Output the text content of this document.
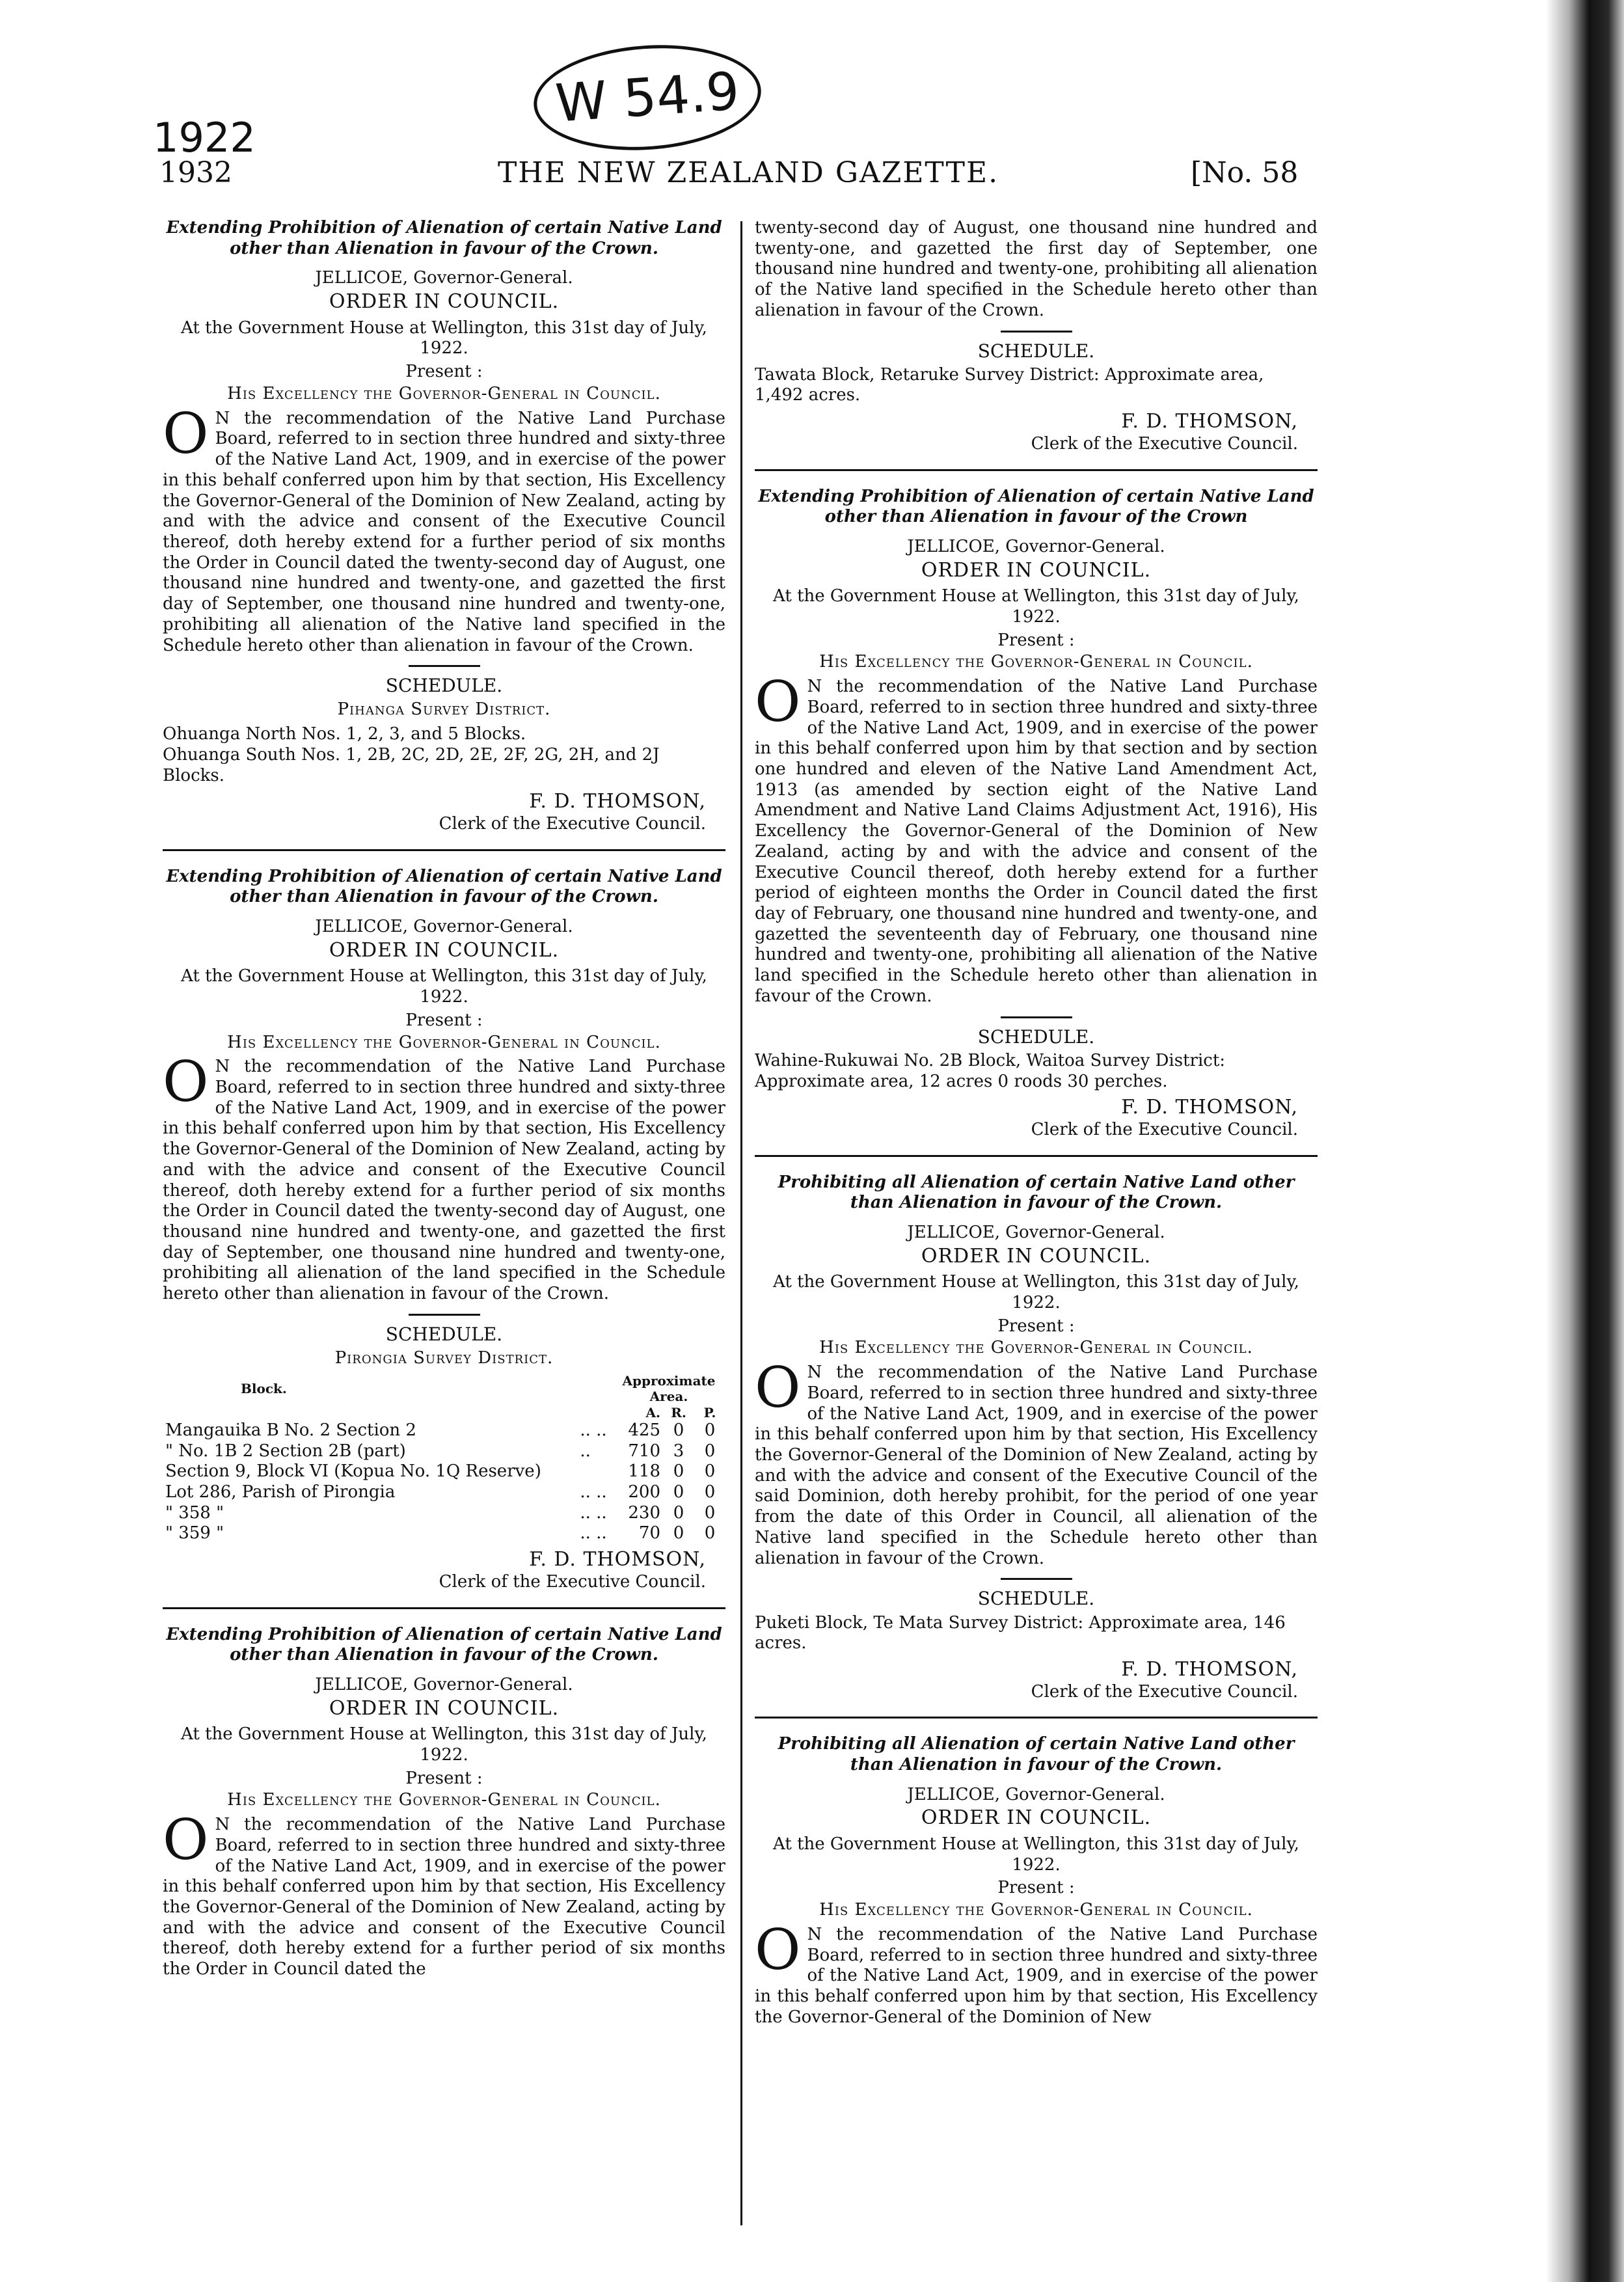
W 54.9
1922
1932	THE NEW ZEALAND GAZETTE.	[No. 58

Extending Prohibition of Alienation of certain Native Land other than Alienation in favour of the Crown.

JELLICOE, Governor-General.

ORDER IN COUNCIL.

At the Government House at Wellington, this 31st day of July, 1922.

Present :

His Excellency the Governor-General in Council.

O N the recommendation of the Native Land Purchase Board, referred to in section three hundred and sixty-three of the Native Land Act, 1909, and in exercise of the power in this behalf conferred upon him by that section, His Excellency the Governor-General of the Dominion of New Zealand, acting by and with the advice and consent of the Executive Council thereof, doth hereby extend for a further period of six months the Order in Council dated the twenty-second day of August, one thousand nine hundred and twenty-one, and gazetted the first day of September, one thousand nine hundred and twenty-one, prohibiting all alienation of the Native land specified in the Schedule hereto other than alienation in favour of the Crown.

SCHEDULE.

Pihanga Survey District.

Ohuanga North Nos. 1, 2, 3, and 5 Blocks.

Ohuanga South Nos. 1, 2B, 2C, 2D, 2E, 2F, 2G, 2H, and 2J Blocks.

F. D. THOMSON,
Clerk of the Executive Council.

Extending Prohibition of Alienation of certain Native Land other than Alienation in favour of the Crown.

JELLICOE, Governor-General.

ORDER IN COUNCIL.

At the Government House at Wellington, this 31st day of July, 1922.

Present :

His Excellency the Governor-General in Council.

O N the recommendation of the Native Land Purchase Board, referred to in section three hundred and sixty-three of the Native Land Act, 1909, and in exercise of the power in this behalf conferred upon him by that section, His Excellency the Governor-General of the Dominion of New Zealand, acting by and with the advice and consent of the Executive Council thereof, doth hereby extend for a further period of six months the Order in Council dated the twenty-second day of August, one thousand nine hundred and twenty-one, and gazetted the first day of September, one thousand nine hundred and twenty-one, prohibiting all alienation of the land specified in the Schedule hereto other than alienation in favour of the Crown.

SCHEDULE.

Pirongia Survey District.

Block.		Approximate Area.		
		A.	R.	P.
Mangauika B No. 2 Section 2	.. ..	425	0	0
" No. 1B 2 Section 2B (part)	..	710	3	0
Section 9, Block VI (Kopua No. 1Q Reserve)		118	0	0
Lot 286, Parish of Pirongia	.. ..	200	0	0
" 358 "	.. ..	230	0	0
" 359 "	.. ..	70	0	0
F. D. THOMSON,
Clerk of the Executive Council.

Extending Prohibition of Alienation of certain Native Land other than Alienation in favour of the Crown.

JELLICOE, Governor-General.

ORDER IN COUNCIL.

At the Government House at Wellington, this 31st day of July, 1922.

Present :

His Excellency the Governor-General in Council.

O N the recommendation of the Native Land Purchase Board, referred to in section three hundred and sixty-three of the Native Land Act, 1909, and in exercise of the power in this behalf conferred upon him by that section, His Excellency the Governor-General of the Dominion of New Zealand, acting by and with the advice and consent of the Executive Council thereof, doth hereby extend for a further period of six months the Order in Council dated the

twenty-second day of August, one thousand nine hundred and twenty-one, and gazetted the first day of September, one thousand nine hundred and twenty-one, prohibiting all alienation of the Native land specified in the Schedule hereto other than alienation in favour of the Crown.

SCHEDULE.

Tawata Block, Retaruke Survey District: Approximate area, 1,492 acres.

F. D. THOMSON,
Clerk of the Executive Council.

Extending Prohibition of Alienation of certain Native Land other than Alienation in favour of the Crown

JELLICOE, Governor-General.

ORDER IN COUNCIL.

At the Government House at Wellington, this 31st day of July, 1922.

Present :

His Excellency the Governor-General in Council.

O N the recommendation of the Native Land Purchase Board, referred to in section three hundred and sixty-three of the Native Land Act, 1909, and in exercise of the power in this behalf conferred upon him by that section and by section one hundred and eleven of the Native Land Amendment Act, 1913 (as amended by section eight of the Native Land Amendment and Native Land Claims Adjustment Act, 1916), His Excellency the Governor-General of the Dominion of New Zealand, acting by and with the advice and consent of the Executive Council thereof, doth hereby extend for a further period of eighteen months the Order in Council dated the first day of February, one thousand nine hundred and twenty-one, and gazetted the seventeenth day of February, one thousand nine hundred and twenty-one, prohibiting all alienation of the Native land specified in the Schedule hereto other than alienation in favour of the Crown.

SCHEDULE.

Wahine-Rukuwai No. 2B Block, Waitoa Survey District: Approximate area, 12 acres 0 roods 30 perches.

F. D. THOMSON,
Clerk of the Executive Council.

Prohibiting all Alienation of certain Native Land other than Alienation in favour of the Crown.

JELLICOE, Governor-General.

ORDER IN COUNCIL.

At the Government House at Wellington, this 31st day of July, 1922.

Present :

His Excellency the Governor-General in Council.

O N the recommendation of the Native Land Purchase Board, referred to in section three hundred and sixty-three of the Native Land Act, 1909, and in exercise of the power in this behalf conferred upon him by that section, His Excellency the Governor-General of the Dominion of New Zealand, acting by and with the advice and consent of the Executive Council of the said Dominion, doth hereby prohibit, for the period of one year from the date of this Order in Council, all alienation of the Native land specified in the Schedule hereto other than alienation in favour of the Crown.

SCHEDULE.

Puketi Block, Te Mata Survey District: Approximate area, 146 acres.

F. D. THOMSON,
Clerk of the Executive Council.

Prohibiting all Alienation of certain Native Land other than Alienation in favour of the Crown.

JELLICOE, Governor-General.

ORDER IN COUNCIL.

At the Government House at Wellington, this 31st day of July, 1922.

Present :

His Excellency the Governor-General in Council.

O N the recommendation of the Native Land Purchase Board, referred to in section three hundred and sixty-three of the Native Land Act, 1909, and in exercise of the power in this behalf conferred upon him by that section, His Excellency the Governor-General of the Dominion of New
